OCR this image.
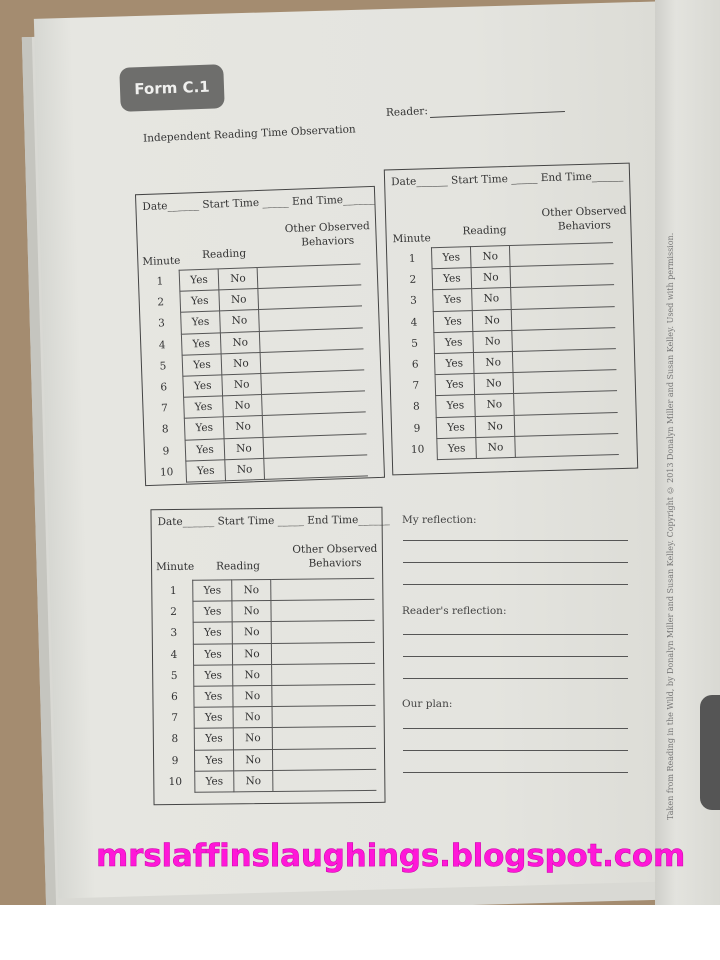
Form C.1
Independent Reading Time Observation
Reader:
Date______ Start Time _____ End Time______
Minute
Reading
Other Observed Behaviors
1	Yes	No	
2	Yes	No	
3	Yes	No	
4	Yes	No	
5	Yes	No	
6	Yes	No	
7	Yes	No	
8	Yes	No	
9	Yes	No	
10	Yes	No	
Date______ Start Time _____ End Time______
Minute
Reading
Other Observed Behaviors
1	Yes	No	
2	Yes	No	
3	Yes	No	
4	Yes	No	
5	Yes	No	
6	Yes	No	
7	Yes	No	
8	Yes	No	
9	Yes	No	
10	Yes	No	
Date______ Start Time _____ End Time______
Minute Reading
Other Observed Behaviors
1	Yes	No	
2	Yes	No	
3	Yes	No	
4	Yes	No	
5	Yes	No	
6	Yes	No	
7	Yes	No	
8	Yes	No	
9	Yes	No	
10	Yes	No	
My reflection:
Reader's reflection:
Our plan:	Taken from Reading in the Wild, by Donalyn Miller and Susan Kelley. Copyright © 2013 Donalyn Miller and Susan Kelley. Used with permission.
mrslaffinslaughings.blogspot.com
